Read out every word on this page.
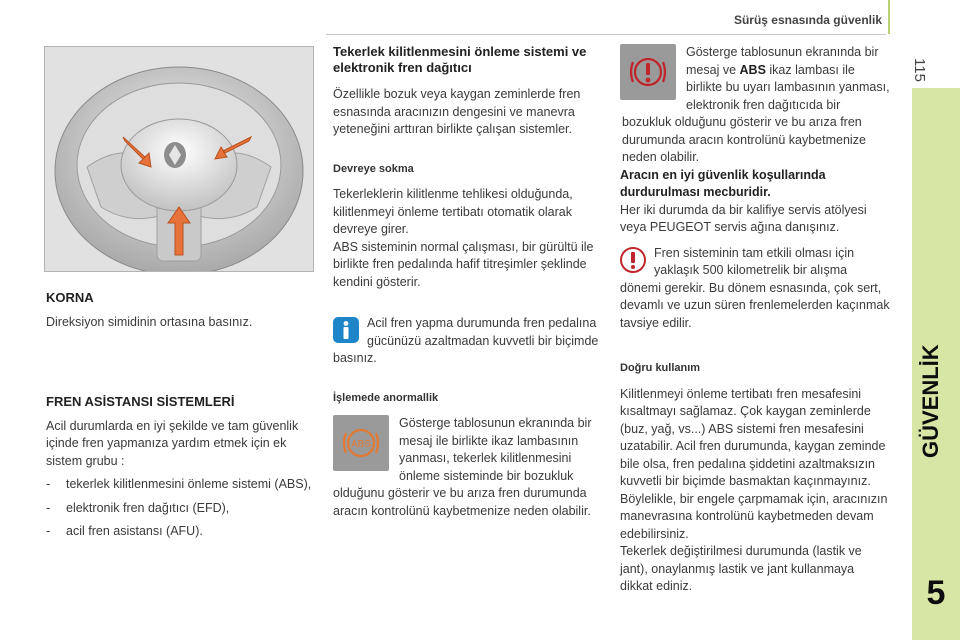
Sürüş esnasında güvenlik
115
GÜVENLİK
5
KORNA

Direksiyon simidinin ortasına basınız.

FREN ASİSTANSI SİSTEMLERİ

Acil durumlarda en iyi şekilde ve tam güvenlik içinde fren yapmanıza yardım etmek için ek sistem grubu :

- tekerlek kilitlenmesini önleme sistemi (ABS),
- elektronik fren dağıtıcı (EFD),
- acil fren asistansı (AFU).
Tekerlek kilitlenmesini önleme sistemi ve elektronik fren dağıtıcı

Özellikle bozuk veya kaygan zeminlerde fren esnasında aracınızın dengesini ve manevra yeteneğini arttıran birlikte çalışan sistemler.

Devreye sokma

Tekerleklerin kilitlenme tehlikesi olduğunda, kilitlenmeyi önleme tertibatı otomatik olarak devreye girer.

ABS sisteminin normal çalışması, bir gürültü ile birlikte fren pedalında hafif titreşimler şeklinde kendini gösterir.

Acil fren yapma durumunda fren pedalına gücünüzü azaltmadan kuvvetli bir biçimde basınız.

İşlemede anormallik
ABS

Gösterge tablosunun ekranında bir mesaj ile birlikte ikaz lambasının yanması, tekerlek kilitlenmesini önleme sisteminde bir bozukluk olduğunu gösterir ve bu arıza fren durumunda aracın kontrolünü kaybetmenize neden olabilir.

Gösterge tablosunun ekranında bir mesaj ve ABS ikaz lambası ile birlikte bu uyarı lambasının yanması, elektronik fren dağıtıcıda bir bozukluk olduğunu gösterir ve bu arıza fren durumunda aracın kontrolünü kaybetmenize neden olabilir.

Aracın en iyi güvenlik koşullarında durdurulması mecburidir.

Her iki durumda da bir kalifiye servis atölyesi veya PEUGEOT servis ağına danışınız.

Fren sisteminin tam etkili olması için yaklaşık 500 kilometrelik bir alışma dönemi gerekir. Bu dönem esnasında, çok sert, devamlı ve uzun süren frenlemelerden kaçınmak tavsiye edilir.

Doğru kullanım

Kilitlenmeyi önleme tertibatı fren mesafesini kısaltmayı sağlamaz. Çok kaygan zeminlerde (buz, yağ, vs...) ABS sistemi fren mesafesini uzatabilir. Acil fren durumunda, kaygan zeminde bile olsa, fren pedalına şiddetini azaltmaksızın kuvvetli bir biçimde basmaktan kaçınmayınız. Böylelikle, bir engele çarpmamak için, aracınızın manevrasına kontrolünü kaybetmeden devam edebilirsiniz.

Tekerlek değiştirilmesi durumunda (lastik ve jant), onaylanmış lastik ve jant kullanmaya dikkat ediniz.
